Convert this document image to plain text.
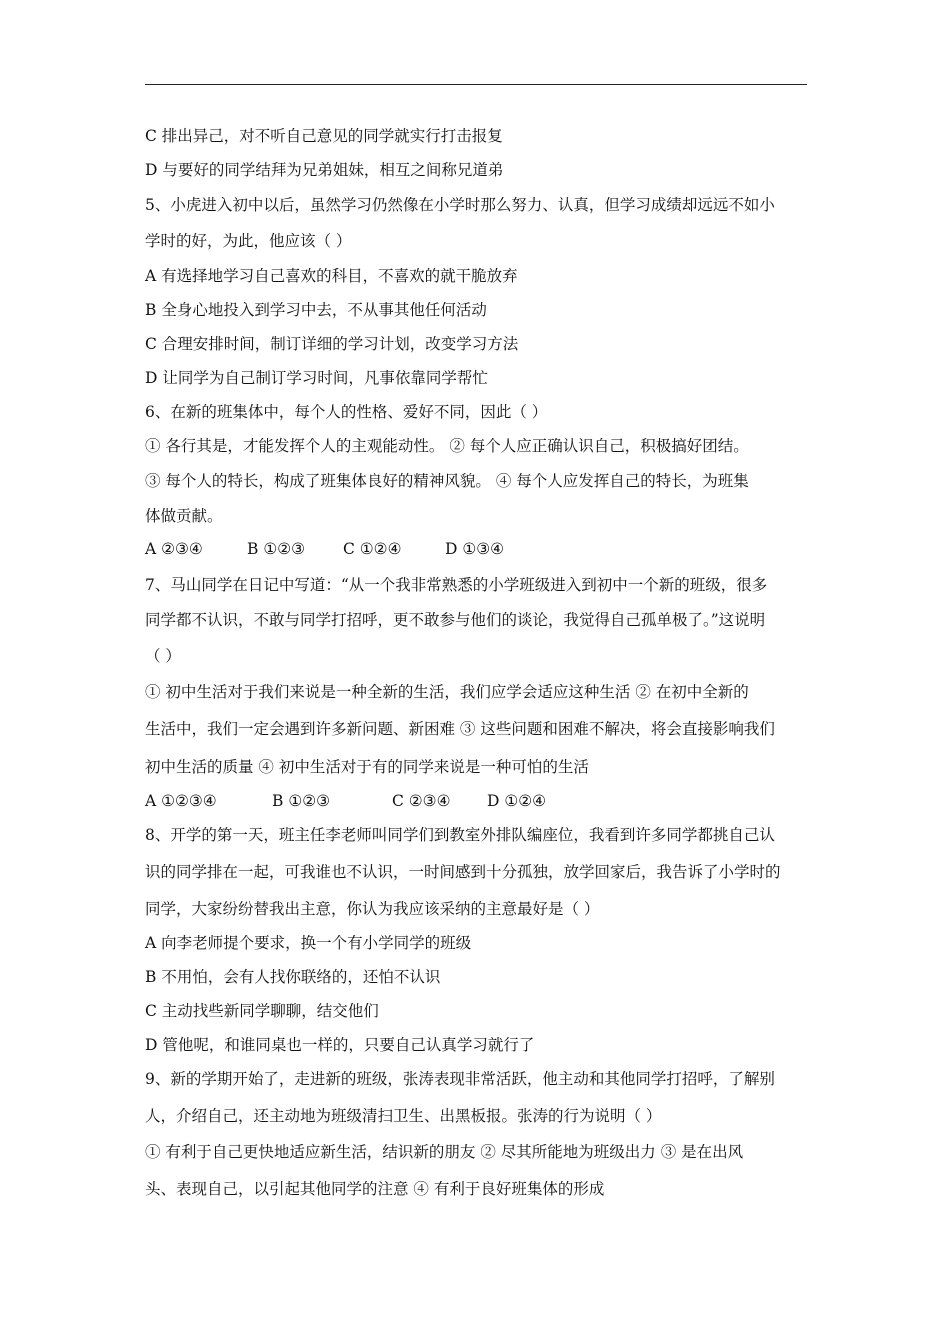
C 排出异己，对不听自己意见的同学就实行打击报复
D 与要好的同学结拜为兄弟姐妹，相互之间称兄道弟
5、小虎进入初中以后，虽然学习仍然像在小学时那么努力、认真，但学习成绩却远远不如小
学时的好，为此，他应该（ ）
A 有选择地学习自己喜欢的科目，不喜欢的就干脆放弃
B 全身心地投入到学习中去，不从事其他任何活动
C 合理安排时间，制订详细的学习计划，改变学习方法
D 让同学为自己制订学习时间，凡事依靠同学帮忙
6、在新的班集体中，每个人的性格、爱好不同，因此（ ）
① 各行其是，才能发挥个人的主观能动性。 ② 每个人应正确认识自己，积极搞好团结。
③ 每个人的特长，构成了班集体良好的精神风貌。 ④ 每个人应发挥自己的特长，为班集
体做贡献。
A ②③④	B ①②③ C ①②④	D ①③④
7、马山同学在日记中写道：“从一个我非常熟悉的小学班级进入到初中一个新的班级，很多
同学都不认识，不敢与同学打招呼，更不敢参与他们的谈论，我觉得自己孤单极了。”这说明
（ ）
① 初中生活对于我们来说是一种全新的生活，我们应学会适应这种生活 ② 在初中全新的
生活中，我们一定会遇到许多新问题、新困难 ③ 这些问题和困难不解决，将会直接影响我们
初中生活的质量 ④ 初中生活对于有的同学来说是一种可怕的生活
A ①②③④	B ①②③	C ②③④ D ①②④
8、开学的第一天，班主任李老师叫同学们到教室外排队编座位，我看到许多同学都挑自己认
识的同学排在一起，可我谁也不认识，一时间感到十分孤独，放学回家后，我告诉了小学时的
同学，大家纷纷替我出主意，你认为我应该采纳的主意最好是（ ）
A 向李老师提个要求，换一个有小学同学的班级
B 不用怕，会有人找你联络的，还怕不认识
C 主动找些新同学聊聊，结交他们
D 管他呢，和谁同桌也一样的，只要自己认真学习就行了
9、新的学期开始了，走进新的班级，张涛表现非常活跃，他主动和其他同学打招呼，了解别
人，介绍自己，还主动地为班级清扫卫生、出黑板报。张涛的行为说明（ ）
① 有利于自己更快地适应新生活，结识新的朋友 ② 尽其所能地为班级出力 ③ 是在出风
头、表现自己，以引起其他同学的注意 ④ 有利于良好班集体的形成
